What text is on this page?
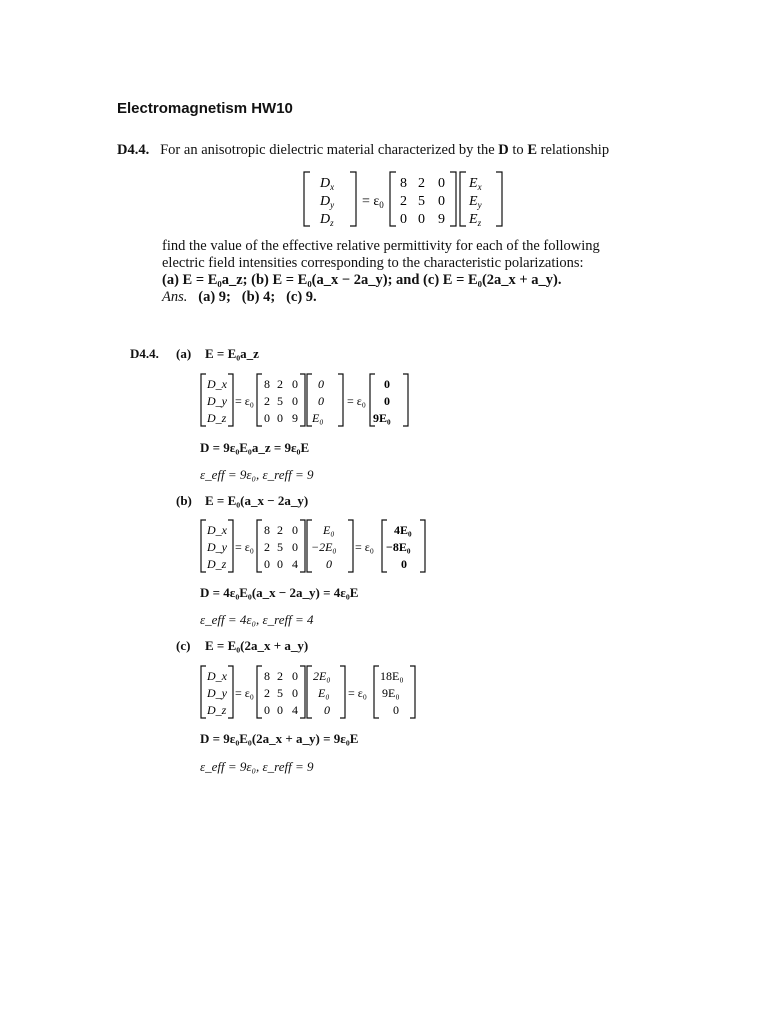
Electromagnetism HW10
D4.4. For an anisotropic dielectric material characterized by the D to E relationship
$D_x$
$D_y$
$D_z$
= $\varepsilon_0$
8 2 0
2 5 0
0 0 9
$E_x$
$E_y$
$E_z$
find the value of the effective relative permittivity for each of the following
electric field intensities corresponding to the characteristic polarizations:
(a) E = E₀a_z; (b) E = E₀(a_x − 2a_y); and (c) E = E₀(2a_x + a_y).
Ans. (a) 9; (b) 4; (c) 9.
D4.4. (a) E = E₀a_z
D_x
D_y
D_z
= ε₀
8 2 0
2 5 0
0 0 9
0
0
E₀
= ε₀
0
0
9E₀
D = 9ε₀E₀a_z = 9ε₀E
ε_eff = 9ε₀, ε_reff = 9
(b) E = E₀(a_x − 2a_y)
D_x
D_y
D_z
= ε₀
8 2 0
2 5 0
0 0 4
E₀
−2E₀
0
= ε₀
4E₀
−8E₀
0
D = 4ε₀E₀(a_x − 2a_y) = 4ε₀E
ε_eff = 4ε₀, ε_reff = 4
(c) E = E₀(2a_x + a_y)
D_x
D_y
D_z
= ε₀
8 2 0
2 5 0
0 0 4
2E₀
E₀
0
= ε₀
18E₀
9E₀
0
D = 9ε₀E₀(2a_x + a_y) = 9ε₀E
ε_eff = 9ε₀, ε_reff = 9
